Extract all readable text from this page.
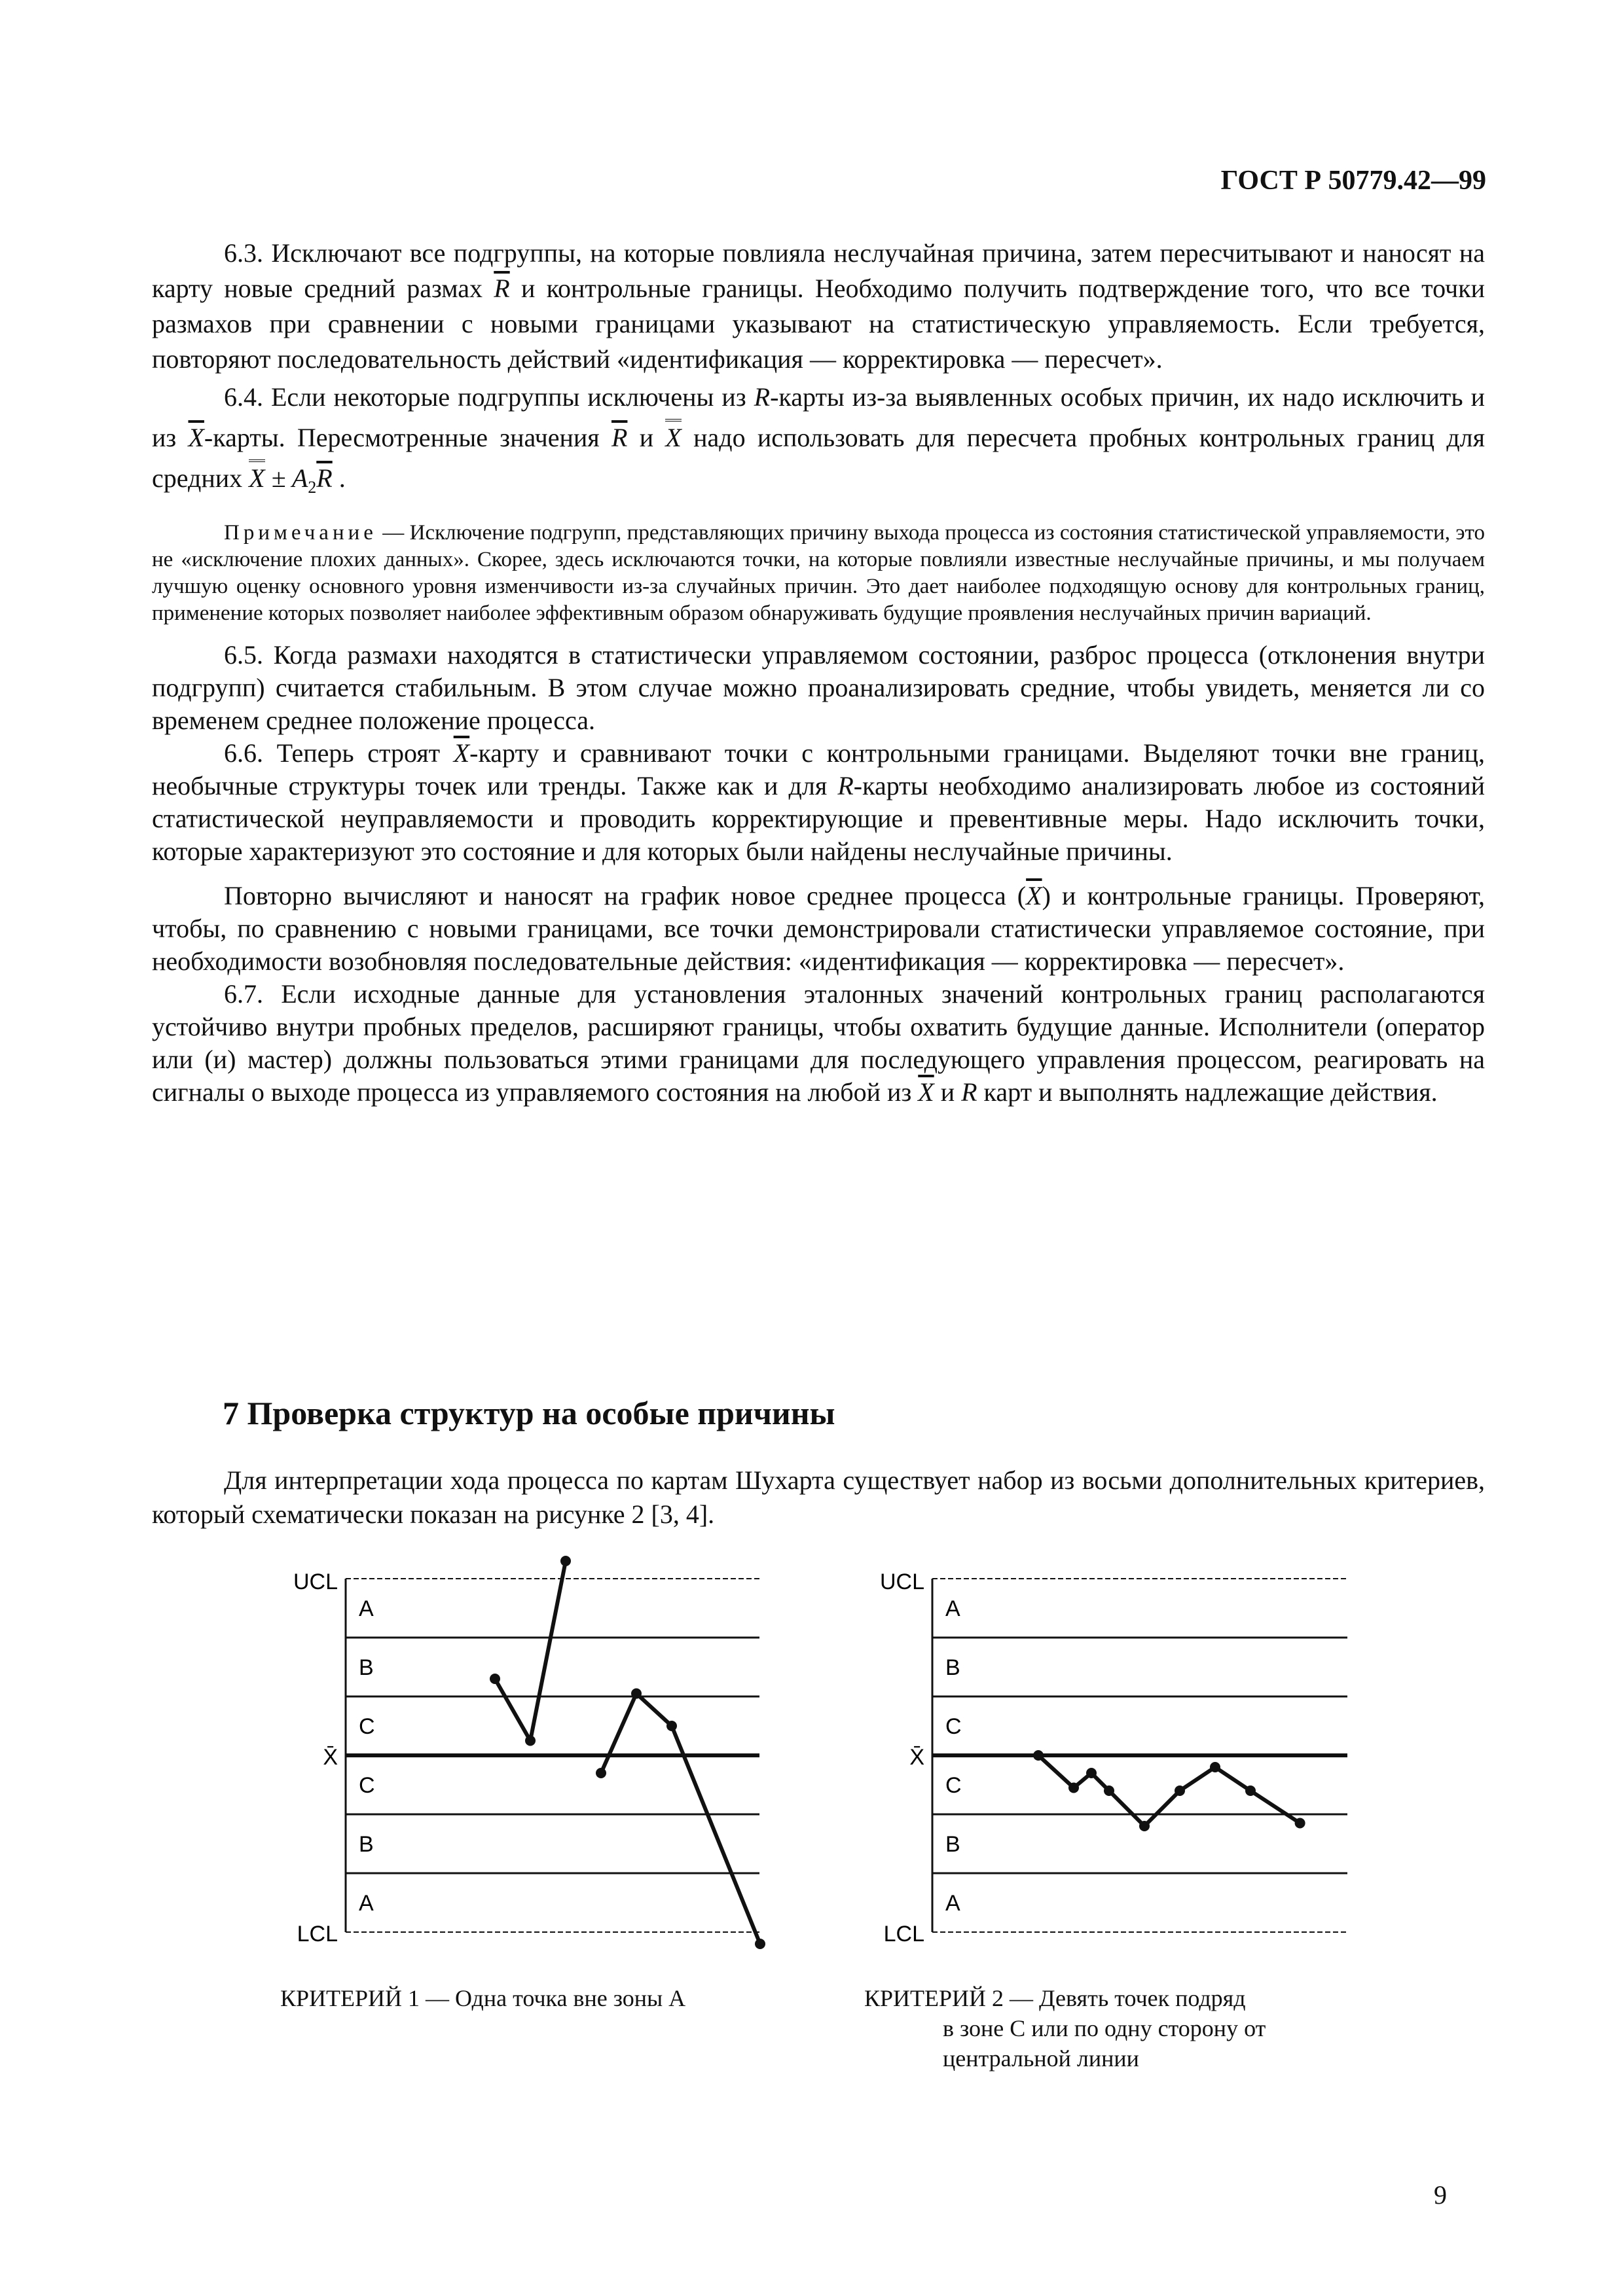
ГОСТ Р 50779.42—99

6.3. Исключают все подгруппы, на которые повлияла неслучайная причина, затем пересчитывают и наносят на карту новые средний размах $\overline{R}$ и контрольные границы. Необходимо получить подтверждение того, что все точки размахов при сравнении с новыми границами указывают на статистическую управляемость. Если требуется, повторяют последовательность действий «идентификация — корректировка — пересчет».

6.4. Если некоторые подгруппы исключены из R-карты из-за выявленных особых причин, их надо исключить и из $\overline{X}$-карты. Пересмотренные значения $\overline{R}$ и X надо использовать для пересчета пробных контрольных границ для средних $X \pm A_2\overline{R}$ .

Примечание — Исключение подгрупп, представляющих причину выхода процесса из состояния статистической управляемости, это не «исключение плохих данных». Скорее, здесь исключаются точки, на которые повлияли известные неслучайные причины, и мы получаем лучшую оценку основного уровня изменчивости из-за случайных причин. Это дает наиболее подходящую основу для контрольных границ, применение которых позволяет наиболее эффективным образом обнаруживать будущие проявления неслучайных причин вариаций.

6.5. Когда размахи находятся в статистически управляемом состоянии, разброс процесса (отклонения внутри подгрупп) считается стабильным. В этом случае можно проанализировать средние, чтобы увидеть, меняется ли со временем среднее положение процесса.

6.6. Теперь строят $\overline{X}$-карту и сравнивают точки с контрольными границами. Выделяют точки вне границ, необычные структуры точек или тренды. Также как и для R-карты необходимо анализировать любое из состояний статистической неуправляемости и проводить корректирующие и превентивные меры. Надо исключить точки, которые характеризуют это состояние и для которых были найдены неслучайные причины.

Повторно вычисляют и наносят на график новое среднее процесса $(\overline{X})$ и контрольные границы. Проверяют, чтобы, по сравнению с новыми границами, все точки демонстрировали статистически управляемое состояние, при необходимости возобновляя последовательные действия: «идентификация — корректировка — пересчет».

6.7. Если исходные данные для установления эталонных значений контрольных границ располагаются устойчиво внутри пробных пределов, расширяют границы, чтобы охватить будущие данные. Исполнители (оператор или (и) мастер) должны пользоваться этими границами для последующего управления процессом, реагировать на сигналы о выходе процесса из управляемого состояния на любой из $\overline{X}$ и R карт и выполнять надлежащие действия.

7 Проверка структур на особые причины

Для интерпретации хода процесса по картам Шухарта существует набор из восьми дополнительных критериев, который схематически показан на рисунке 2 [3, 4].

A
B
C
C
B
A
UCL
X̄
LCL
A
B
C
C
B
A
UCL
X̄
LCL
КРИТЕРИЙ 1 — Одна точка вне зоны А	КРИТЕРИЙ 2 — Девять точек подряд
в зоне С или по одну сторону от
центральной линии
9
